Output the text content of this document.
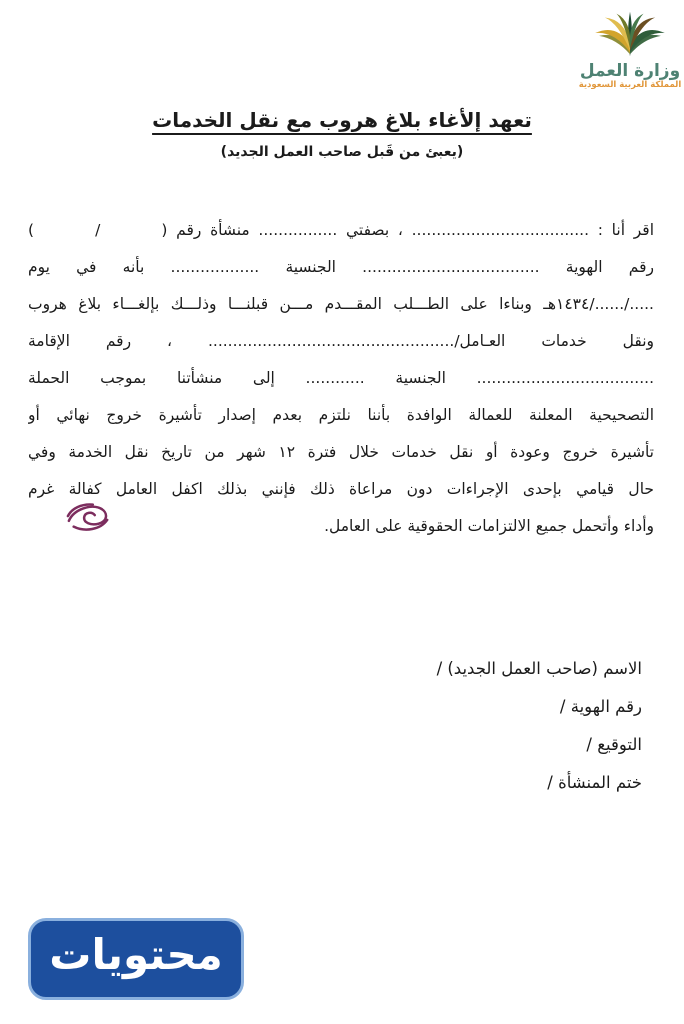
وزارة العمل
المملكة العربية السعودية
تعهد إلأغاء بلاغ هروب مع نقل الخدمات
(يعبئ من قَبل صاحب العمل الجديد)
اقر أنا : .................................... ، بصفتي ................ منشأة رقم (       /       )
رقم الهوية .................................... الجنسية .................. بأنه في يوم
...../....../١٤٣٤هـ وبناءا على الطـــلب المقـــدم مـــن قبلنـــا وذلـــك بإلغـــاء بلاغ هروب
ونقل خدمات العـامل/.................................................. ، رقم الإقامة
.................................... الجنسية ............ إلى منشأتنا بموجب الحملة
التصحيحية المعلنة للعمالة الوافدة بأننا نلتزم بعدم إصدار تأشيرة خروج نهائي أو
تأشيرة خروج وعودة أو نقل خدمات خلال فترة ١٢ شهر من تاريخ نقل الخدمة وفي
حال قيامي بإحدى الإجراءات دون مراعاة ذلك فإنني بذلك اكفل العامل كفالة غرم
وأداء وأتحمل جميع الالتزامات الحقوقية على العامل.
الاسم (صاحب العمل الجديد) /
رقم الهوية /
التوقيع /
ختم المنشأة /
محتويات
